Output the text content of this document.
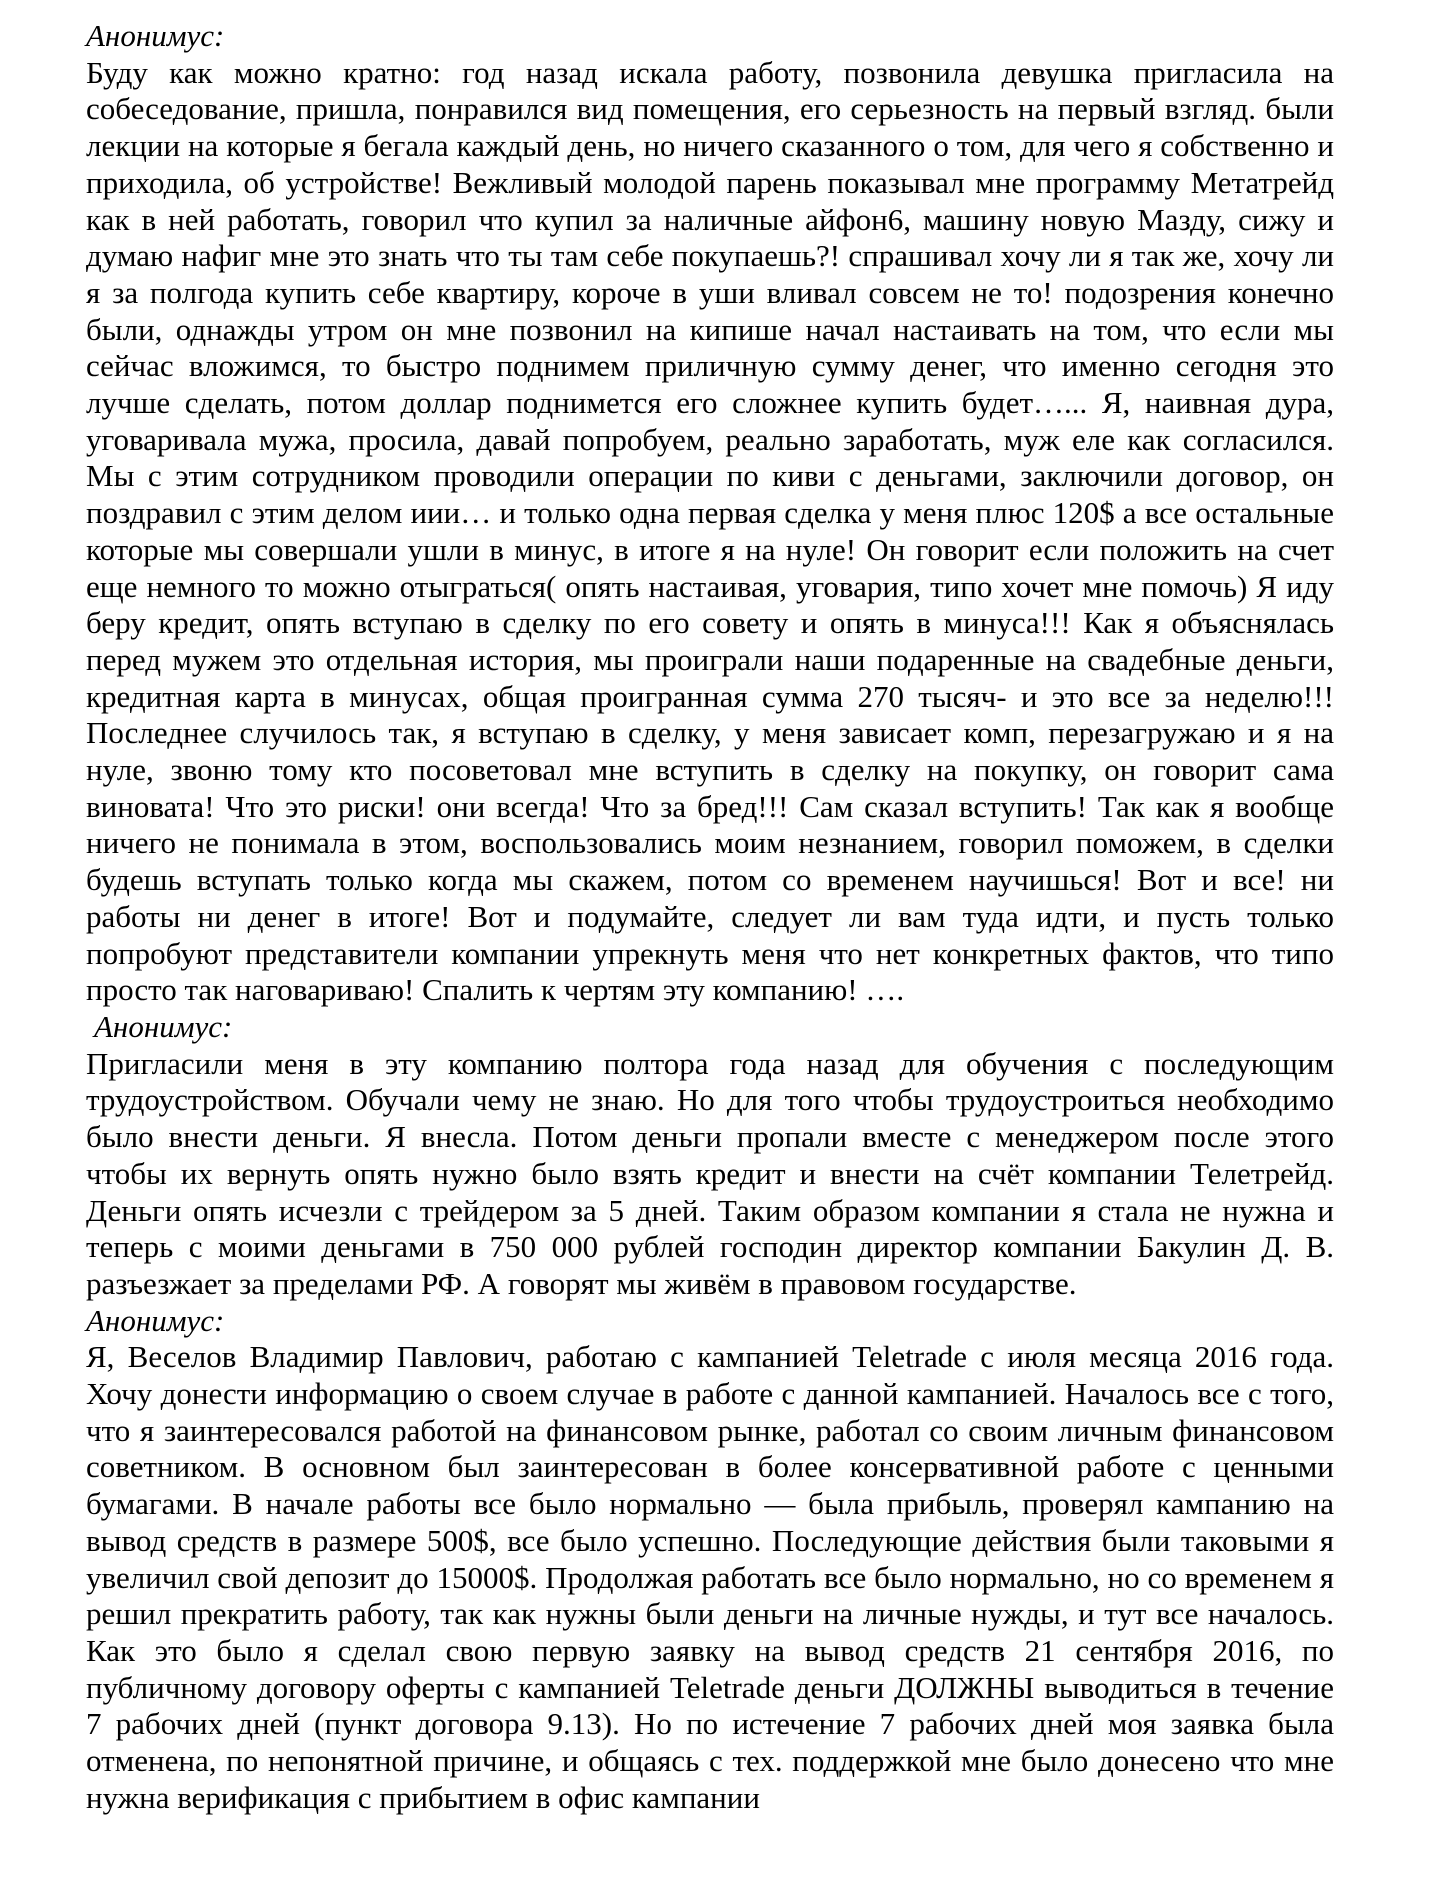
Анонимус:

Буду как можно кратно: год назад искала работу, позвонила девушка пригласила на собеседование, пришла, понравился вид помещения, его серьезность на первый взгляд. были лекции на которые я бегала каждый день, но ничего сказанного о том, для чего я собственно и приходила, об устройстве! Вежливый молодой парень показывал мне программу Метатрейд как в ней работать, говорил что купил за наличные айфон6, машину новую Мазду, сижу и думаю нафиг мне это знать что ты там себе покупаешь?! спрашивал хочу ли я так же, хочу ли я за полгода купить себе квартиру, короче в уши вливал совсем не то! подозрения конечно были, однажды утром он мне позвонил на кипише начал настаивать на том, что если мы сейчас вложимся, то быстро поднимем приличную сумму денег, что именно сегодня это лучше сделать, потом доллар поднимется его сложнее купить будет…... Я, наивная дура, уговаривала мужа, просила, давай попробуем, реально заработать, муж еле как согласился. Мы с этим сотрудником проводили операции по киви с деньгами, заключили договор, он поздравил с этим делом иии… и только одна первая сделка у меня плюс 120$ а все остальные которые мы совершали ушли в минус, в итоге я на нуле! Он говорит если положить на счет еще немного то можно отыграться( опять настаивая, уговария, типо хочет мне помочь) Я иду беру кредит, опять вступаю в сделку по его совету и опять в минуса!!! Как я объяснялась перед мужем это отдельная история, мы проиграли наши подаренные на свадебные деньги, кредитная карта в минусах, общая проигранная сумма 270 тысяч- и это все за неделю!!! Последнее случилось так, я вступаю в сделку, у меня зависает комп, перезагружаю и я на нуле, звоню тому кто посоветовал мне вступить в сделку на покупку, он говорит сама виновата! Что это риски! они всегда! Что за бред!!! Сам сказал вступить! Так как я вообще ничего не понимала в этом, воспользовались моим незнанием, говорил поможем, в сделки будешь вступать только когда мы скажем, потом со временем научишься! Вот и все! ни работы ни денег в итоге! Вот и подумайте, следует ли вам туда идти, и пусть только попробуют представители компании упрекнуть меня что нет конкретных фактов, что типо просто так наговариваю! Спалить к чертям эту компанию! ….

Анонимус:

Пригласили меня в эту компанию полтора года назад для обучения с последующим трудоустройством. Обучали чему не знаю. Но для того чтобы трудоустроиться необходимо было внести деньги. Я внесла. Потом деньги пропали вместе с менеджером после этого чтобы их вернуть опять нужно было взять кредит и внести на счёт компании Телетрейд. Деньги опять исчезли с трейдером за 5 дней. Таким образом компании я стала не нужна и теперь с моими деньгами в 750 000 рублей господин директор компании Бакулин Д. В. разъезжает за пределами РФ. А говорят мы живём в правовом государстве.

Анонимус:

Я, Веселов Владимир Павлович, работаю с кампанией Teletrade с июля месяца 2016 года. Хочу донести информацию о своем случае в работе с данной кампанией. Началось все с того, что я заинтересовался работой на финансовом рынке, работал со своим личным финансовом советником. В основном был заинтересован в более консервативной работе с ценными бумагами. В начале работы все было нормально — была прибыль, проверял кампанию на вывод средств в размере 500$, все было успешно. Последующие действия были таковыми я увеличил свой депозит до 15000$. Продолжая работать все было нормально, но со временем я решил прекратить работу, так как нужны были деньги на личные нужды, и тут все началось. Как это было я сделал свою первую заявку на вывод средств 21 сентября 2016, по публичному договору оферты с кампанией Teletrade деньги ДОЛЖНЫ выводиться в течение 7 рабочих дней (пункт договора 9.13). Но по истечение 7 рабочих дней моя заявка была отменена, по непонятной причине, и общаясь с тех. поддержкой мне было донесено что мне нужна верификация с прибытием в офис кампании
